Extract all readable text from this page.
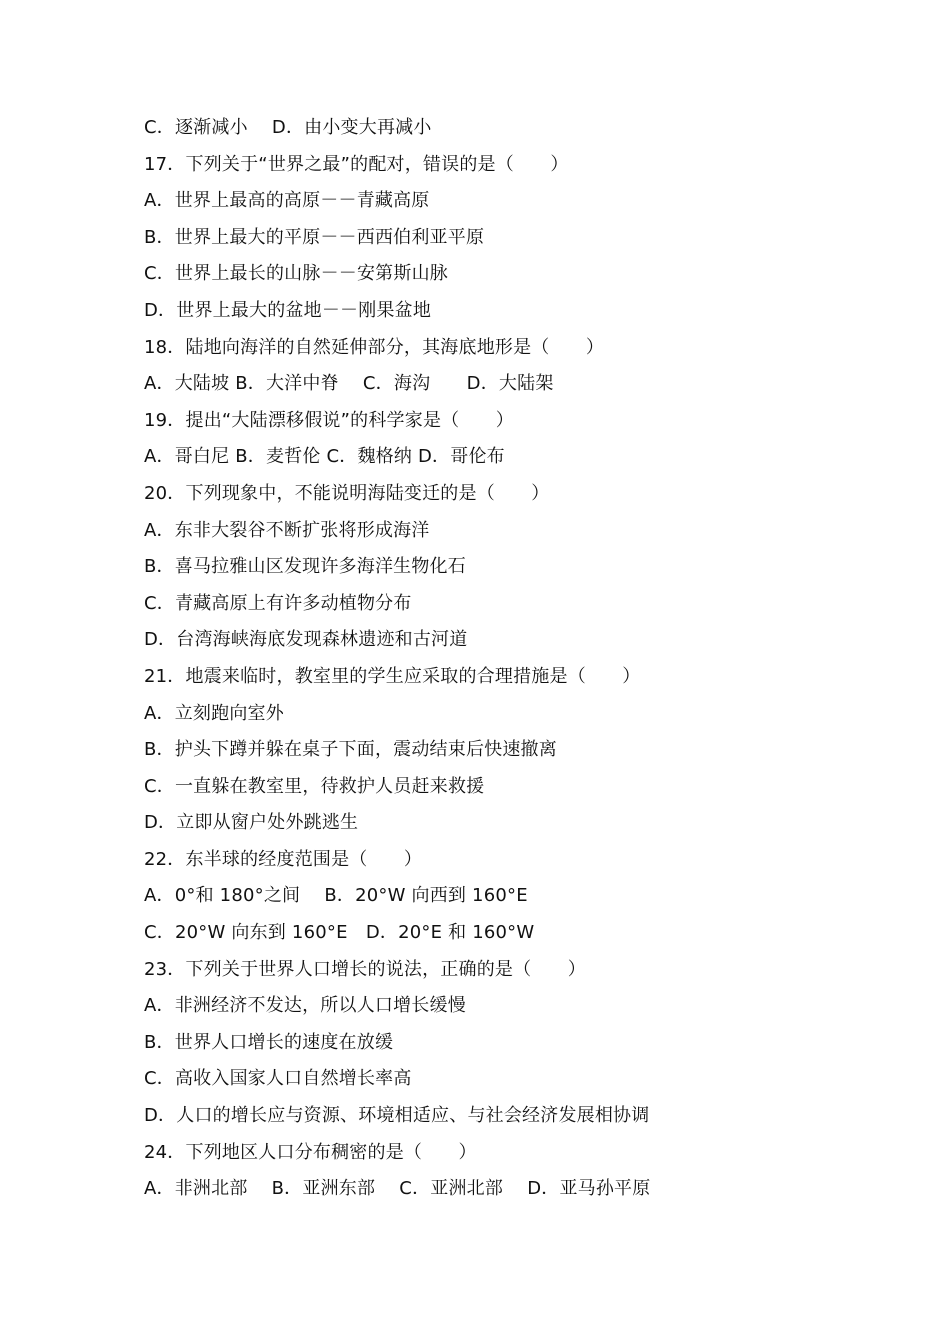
C．逐渐减小　 D．由小变大再减小
17．下列关于“世界之最”的配对，错误的是（　　）
A．世界上最高的高原－－青藏高原
B．世界上最大的平原－－西西伯利亚平原
C．世界上最长的山脉－－安第斯山脉
D．世界上最大的盆地－－刚果盆地
18．陆地向海洋的自然延伸部分，其海底地形是（　　）
A．大陆坡 B．大洋中脊　 C．海沟　　D．大陆架
19．提出“大陆漂移假说”的科学家是（　　）
A．哥白尼 B．麦哲伦 C．魏格纳 D．哥伦布
20．下列现象中，不能说明海陆变迁的是（　　）
A．东非大裂谷不断扩张将形成海洋
B．喜马拉雅山区发现许多海洋生物化石
C．青藏高原上有许多动植物分布
D．台湾海峡海底发现森林遗迹和古河道
21．地震来临时，教室里的学生应采取的合理措施是（　　）
A．立刻跑向室外
B．护头下蹲并躲在桌子下面，震动结束后快速撤离
C．一直躲在教室里，待救护人员赶来救援
D．立即从窗户处外跳逃生
22．东半球的经度范围是（　　）
A．0°和 180°之间　 B．20°W 向西到 160°E
C．20°W 向东到 160°E　D．20°E 和 160°W
23．下列关于世界人口增长的说法，正确的是（　　）
A．非洲经济不发达，所以人口增长缓慢
B．世界人口增长的速度在放缓
C．高收入国家人口自然增长率高
D．人口的增长应与资源、环境相适应、与社会经济发展相协调
24．下列地区人口分布稠密的是（　　）
A．非洲北部　 B．亚洲东部　 C．亚洲北部　 D．亚马孙平原
